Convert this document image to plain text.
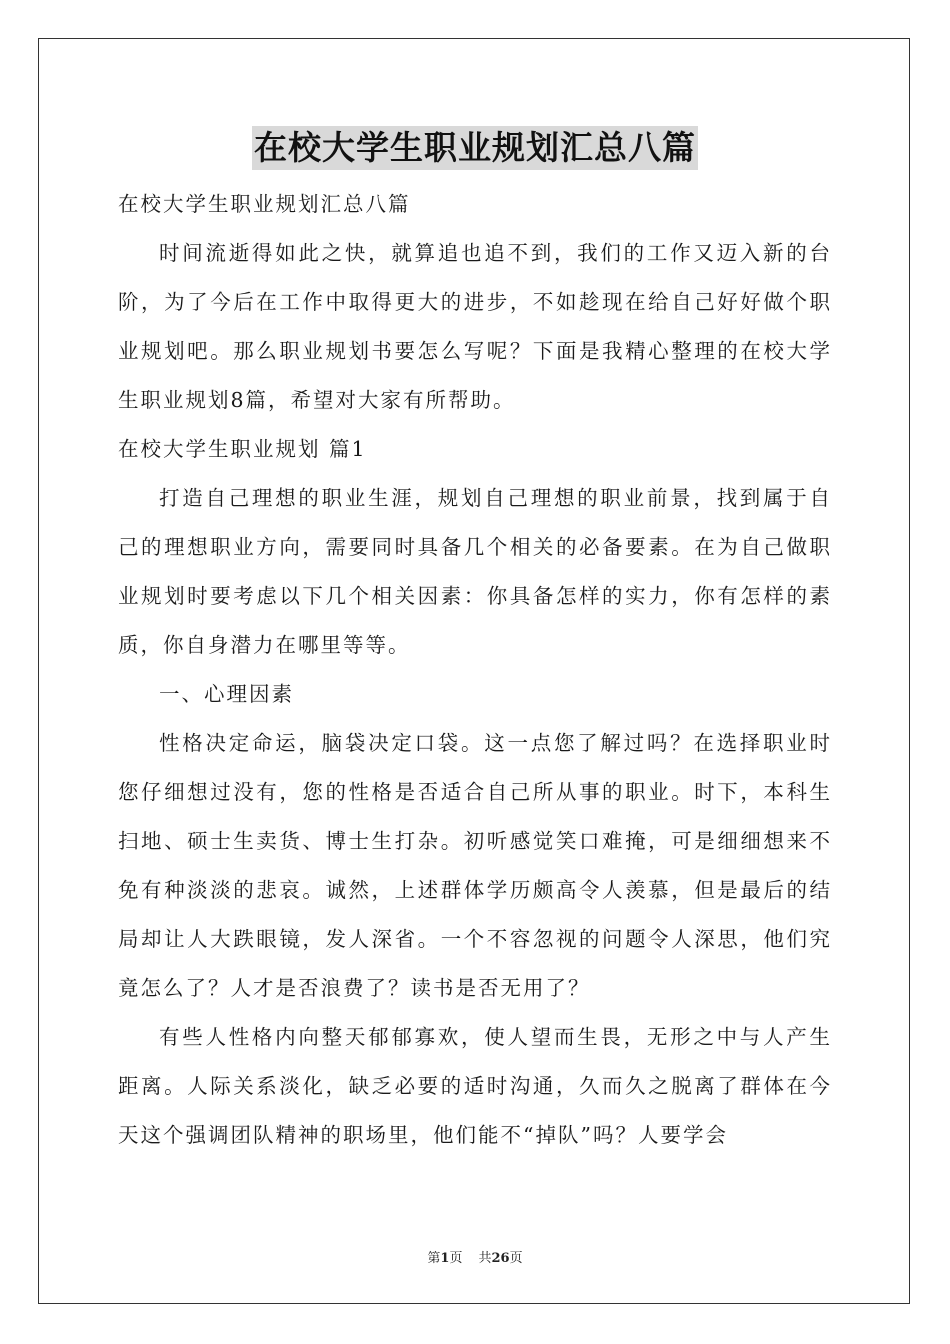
在校大学生职业规划汇总八篇

在校大学生职业规划汇总八篇

时间流逝得如此之快，就算追也追不到，我们的工作又迈入新的台阶，为了今后在工作中取得更大的进步，不如趁现在给自己好好做个职业规划吧。那么职业规划书要怎么写呢？下面是我精心整理的在校大学生职业规划8篇，希望对大家有所帮助。

在校大学生职业规划 篇1

打造自己理想的职业生涯，规划自己理想的职业前景，找到属于自己的理想职业方向，需要同时具备几个相关的必备要素。在为自己做职业规划时要考虑以下几个相关因素：你具备怎样的实力，你有怎样的素质，你自身潜力在哪里等等。

一、心理因素

性格决定命运，脑袋决定口袋。这一点您了解过吗？在选择职业时您仔细想过没有，您的性格是否适合自己所从事的职业。时下，本科生扫地、硕士生卖货、博士生打杂。初听感觉笑口难掩，可是细细想来不免有种淡淡的悲哀。诚然，上述群体学历颇高令人羡慕，但是最后的结局却让人大跌眼镜，发人深省。一个不容忽视的问题令人深思，他们究竟怎么了？人才是否浪费了？读书是否无用了？

有些人性格内向整天郁郁寡欢，使人望而生畏，无形之中与人产生距离。人际关系淡化，缺乏必要的适时沟通，久而久之脱离了群体在今天这个强调团队精神的职场里，他们能不“掉队”吗？人要学会

第1页 共26页
